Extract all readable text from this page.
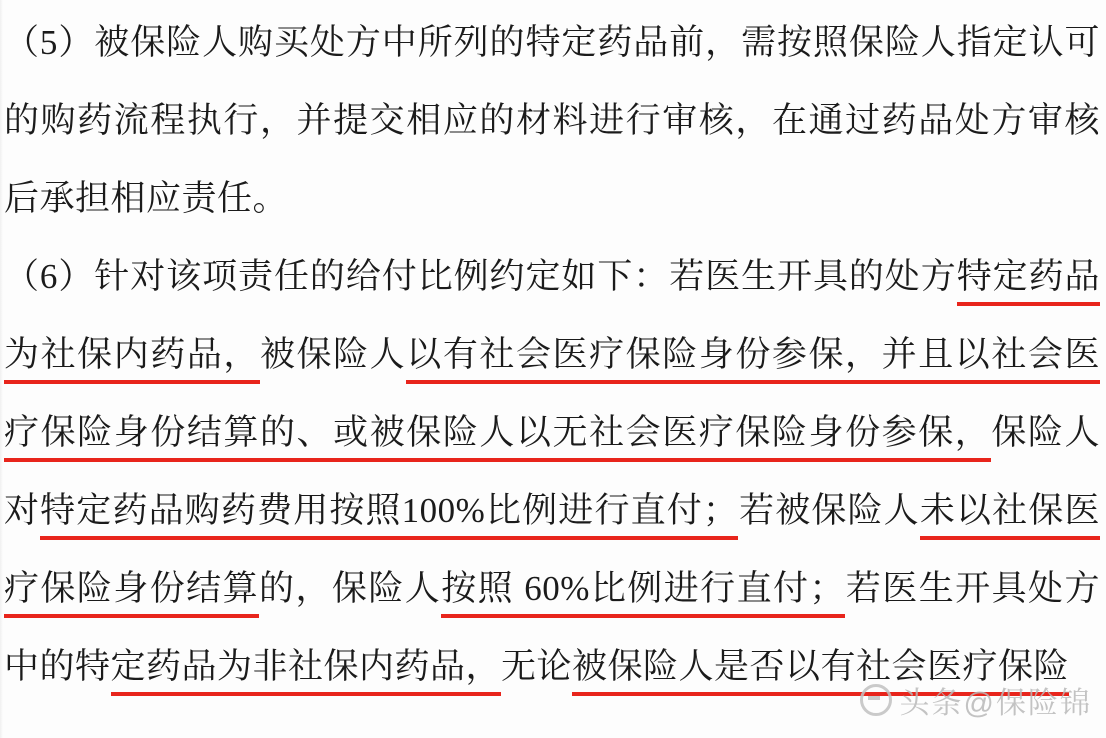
（5）被保险人购买处方中所列的特定药品前，需按照保险人指定认可的购药流程执行，并提交相应的材料进行审核，在通过药品处方审核后承担相应责任。

（6）针对该项责任的给付比例约定如下：若医生开具的处方特定药品为社保内药品，被保险人以有社会医疗保险身份参保，并且以社会医疗保险身份结算的、或被保险人以无社会医疗保险身份参保，保险人对特定药品购药费用按照100%比例进行直付；若被保险人未以社保医疗保险身份结算的，保险人按照 60%比例进行直付；若医生开具处方中的特定药品为非社保内药品，无论被保险人是否以有社会医疗保险

头条@保险锦
